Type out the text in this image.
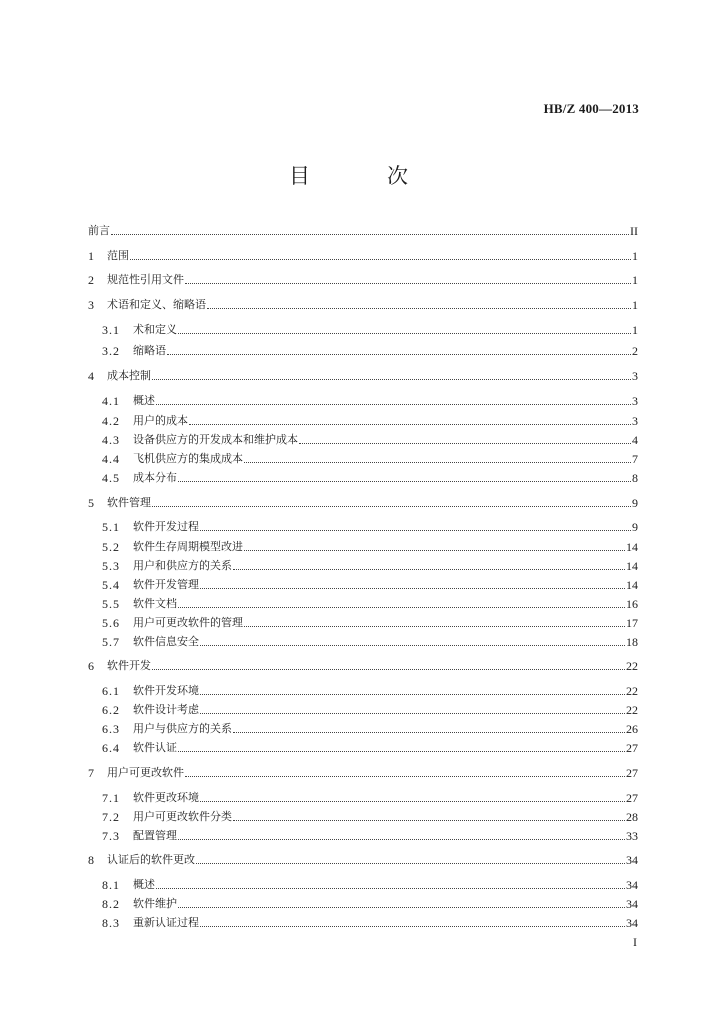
HB/Z 400—2013
目　次
前言	II
1	范围	1
2	规范性引用文件	1
3	术语和定义、缩略语	1
3.1	术和定义	1
3.2	缩略语	2
4	成本控制	3
4.1	概述	3
4.2	用户的成本	3
4.3	设备供应方的开发成本和维护成本	4
4.4	飞机供应方的集成成本	7
4.5	成本分布	8
5	软件管理	9
5.1	软件开发过程	9
5.2	软件生存周期模型改进	14
5.3	用户和供应方的关系	14
5.4	软件开发管理	14
5.5	软件文档	16
5.6	用户可更改软件的管理	17
5.7	软件信息安全	18
6	软件开发	22
6.1	软件开发环境	22
6.2	软件设计考虑	22
6.3	用户与供应方的关系	26
6.4	软件认证	27
7	用户可更改软件	27
7.1	软件更改环境	27
7.2	用户可更改软件分类	28
7.3	配置管理	33
8	认证后的软件更改	34
8.1	概述	34
8.2	软件维护	34
8.3	重新认证过程	34
I
